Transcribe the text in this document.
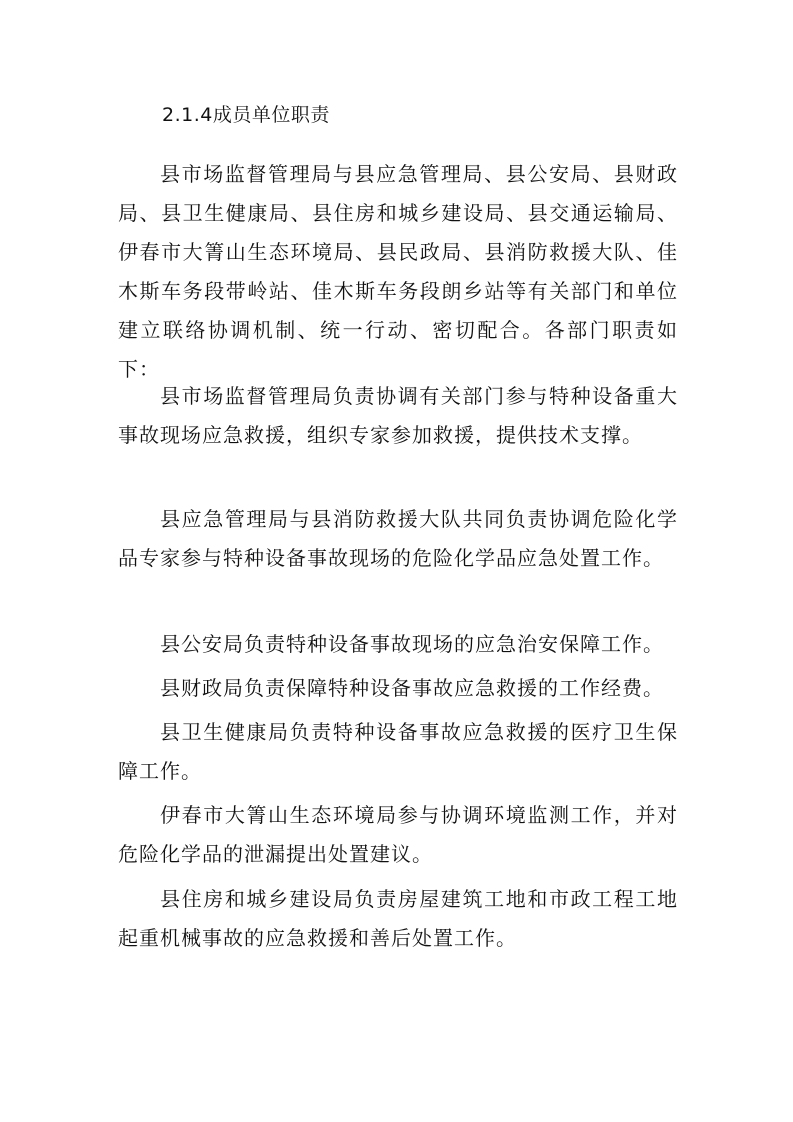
2.1.4成员单位职责

县市场监督管理局与县应急管理局、县公安局、县财政局、县卫生健康局、县住房和城乡建设局、县交通运输局、伊春市大箐山生态环境局、县民政局、县消防救援大队、佳木斯车务段带岭站、佳木斯车务段朗乡站等有关部门和单位建立联络协调机制、统一行动、密切配合。各部门职责如下：

县市场监督管理局负责协调有关部门参与特种设备重大事故现场应急救援，组织专家参加救援，提供技术支撑。

县应急管理局与县消防救援大队共同负责协调危险化学品专家参与特种设备事故现场的危险化学品应急处置工作。

县公安局负责特种设备事故现场的应急治安保障工作。

县财政局负责保障特种设备事故应急救援的工作经费。

县卫生健康局负责特种设备事故应急救援的医疗卫生保障工作。

伊春市大箐山生态环境局参与协调环境监测工作，并对危险化学品的泄漏提出处置建议。

县住房和城乡建设局负责房屋建筑工地和市政工程工地起重机械事故的应急救援和善后处置工作。
